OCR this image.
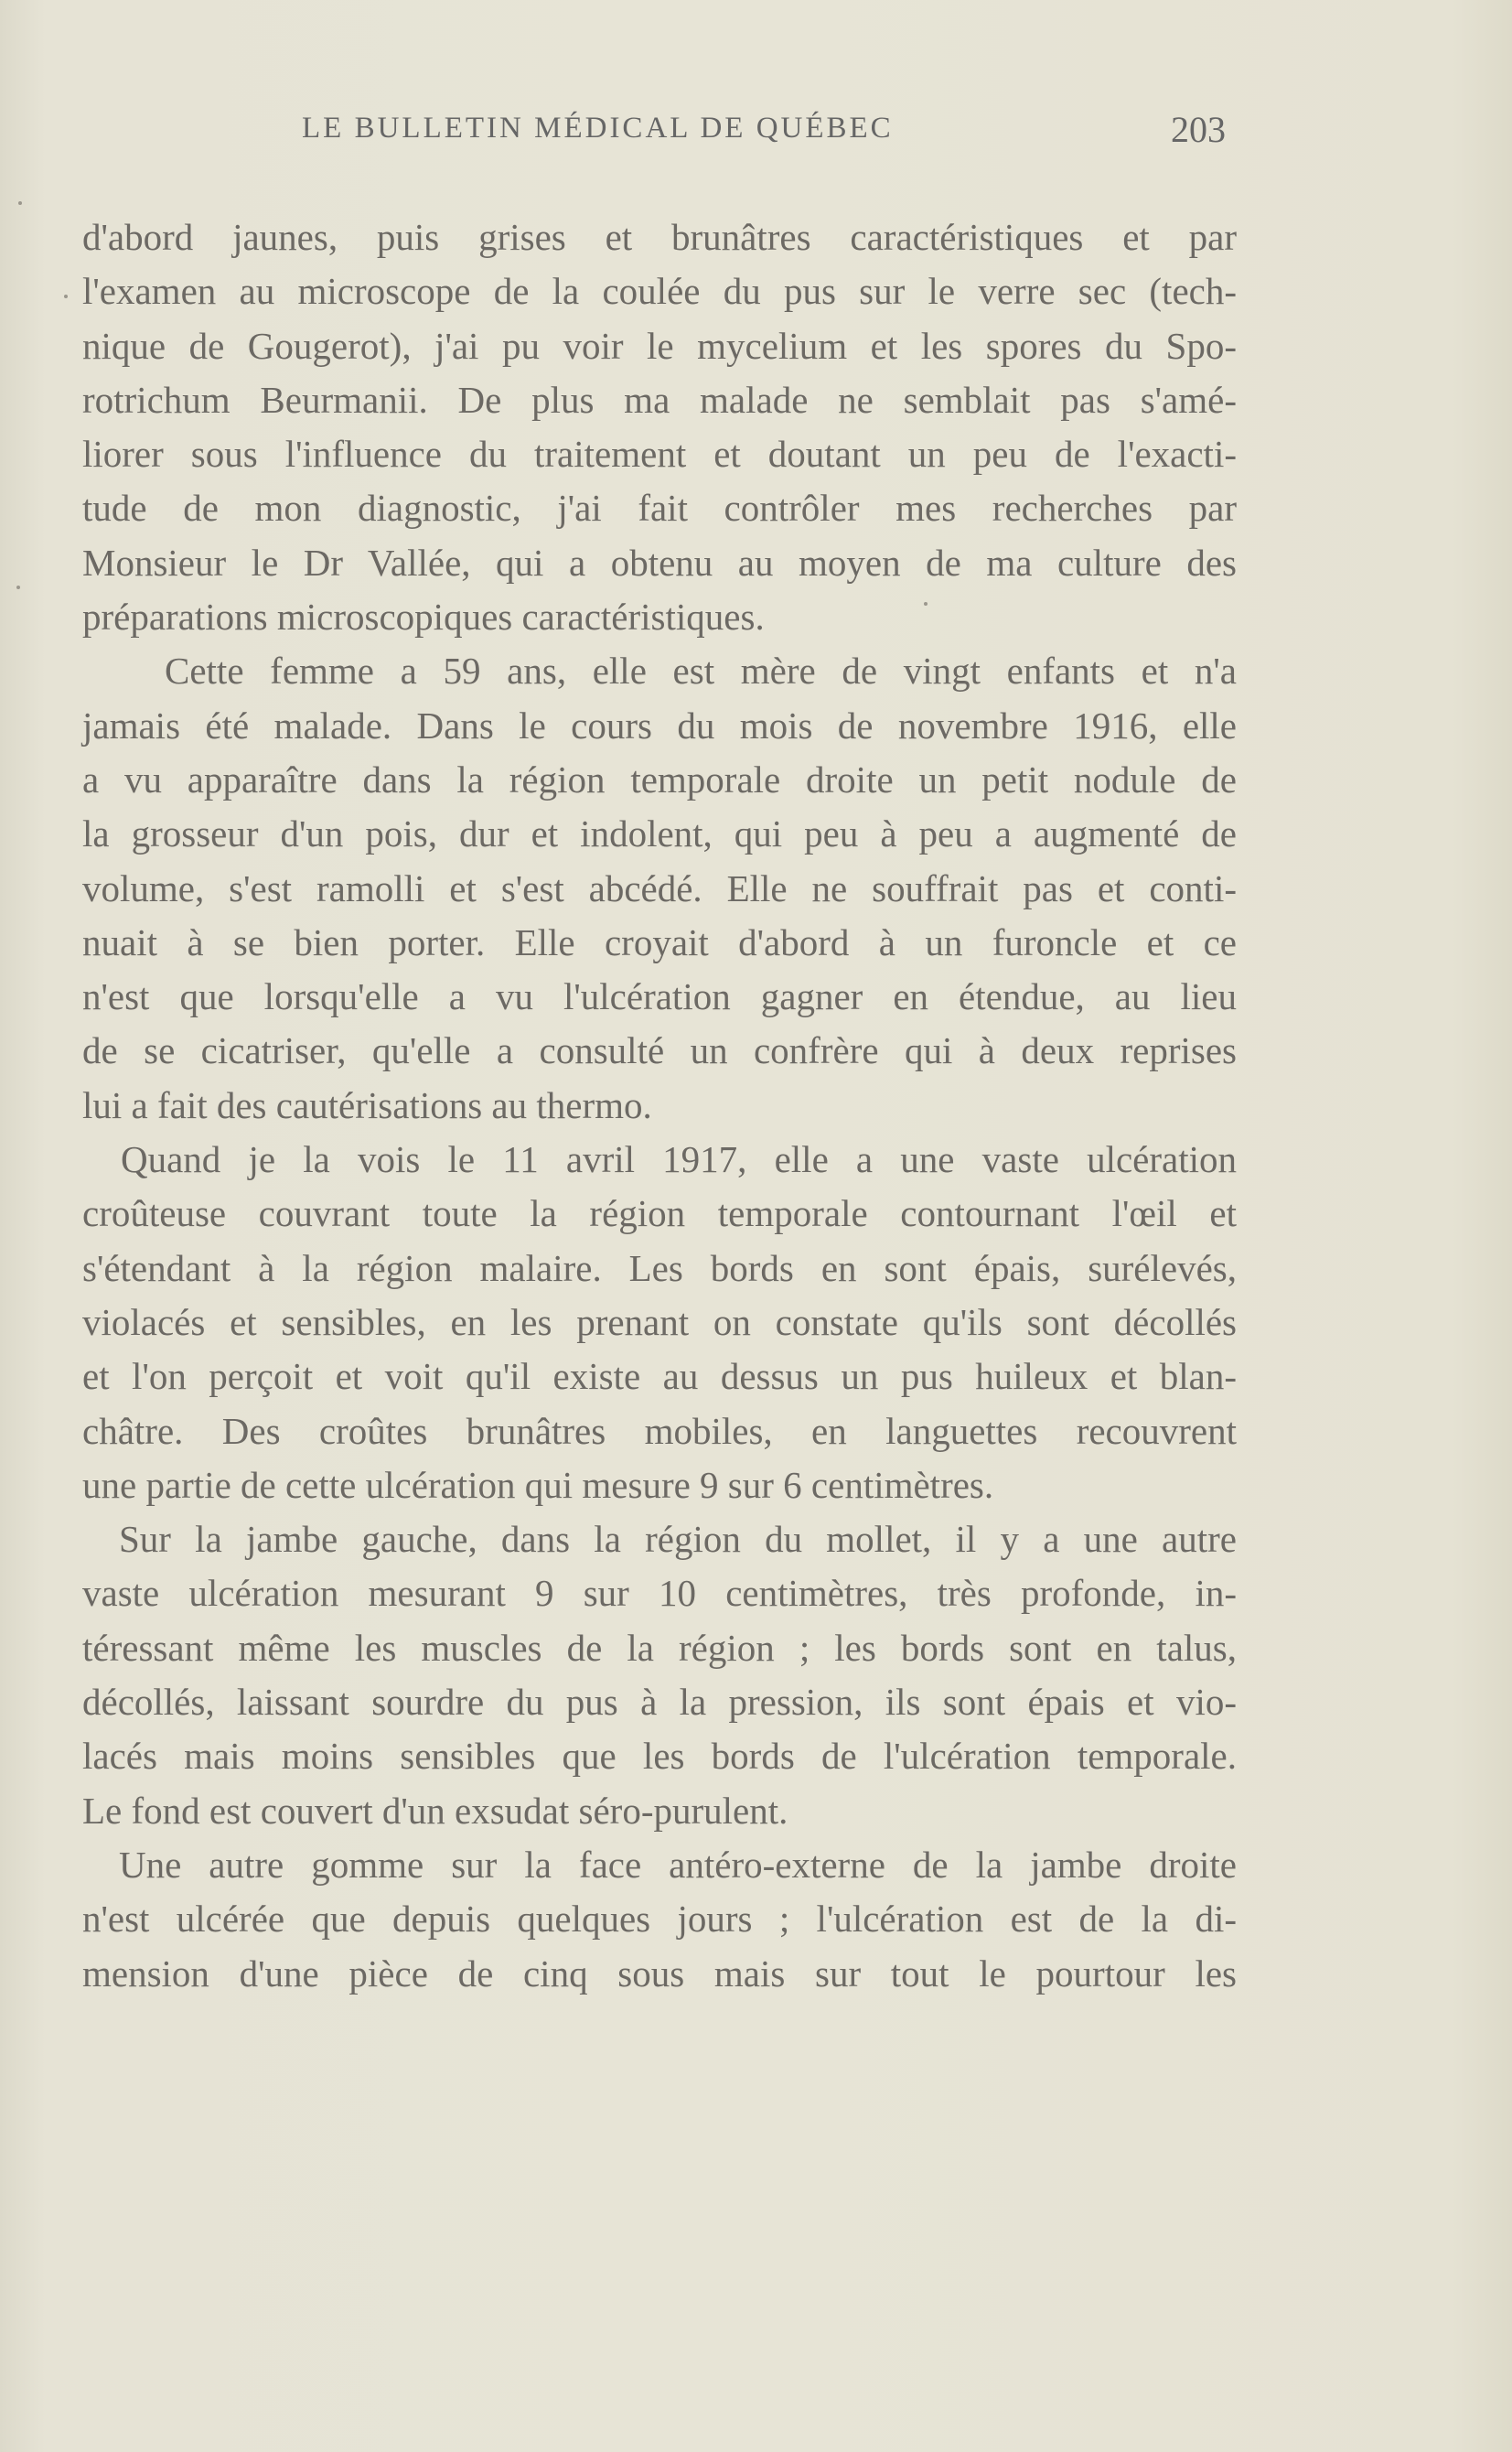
LE BULLETIN MÉDICAL DE QUÉBEC	203
d'abord jaunes, puis grises et brunâtres caractéristiques et par
l'examen au microscope de la coulée du pus sur le verre sec (tech-
nique de Gougerot), j'ai pu voir le mycelium et les spores du Spo-
rotrichum Beurmanii. De plus ma malade ne semblait pas s'amé-
liorer sous l'influence du traitement et doutant un peu de l'exacti-
tude de mon diagnostic, j'ai fait contrôler mes recherches par
Monsieur le Dr Vallée, qui a obtenu au moyen de ma culture des
préparations microscopiques caractéristiques.
Cette femme a 59 ans, elle est mère de vingt enfants et n'a
jamais été malade. Dans le cours du mois de novembre 1916, elle
a vu apparaître dans la région temporale droite un petit nodule de
la grosseur d'un pois, dur et indolent, qui peu à peu a augmenté de
volume, s'est ramolli et s'est abcédé. Elle ne souffrait pas et conti-
nuait à se bien porter. Elle croyait d'abord à un furoncle et ce
n'est que lorsqu'elle a vu l'ulcération gagner en étendue, au lieu
de se cicatriser, qu'elle a consulté un confrère qui à deux reprises
lui a fait des cautérisations au thermo.
Quand je la vois le 11 avril 1917, elle a une vaste ulcération
croûteuse couvrant toute la région temporale contournant l'œil et
s'étendant à la région malaire. Les bords en sont épais, surélevés,
violacés et sensibles, en les prenant on constate qu'ils sont décollés
et l'on perçoit et voit qu'il existe au dessus un pus huileux et blan-
châtre. Des croûtes brunâtres mobiles, en languettes recouvrent
une partie de cette ulcération qui mesure 9 sur 6 centimètres.
Sur la jambe gauche, dans la région du mollet, il y a une autre
vaste ulcération mesurant 9 sur 10 centimètres, très profonde, in-
téressant même les muscles de la région ; les bords sont en talus,
décollés, laissant sourdre du pus à la pression, ils sont épais et vio-
lacés mais moins sensibles que les bords de l'ulcération temporale.
Le fond est couvert d'un exsudat séro-purulent.
Une autre gomme sur la face antéro-externe de la jambe droite
n'est ulcérée que depuis quelques jours ; l'ulcération est de la di-
mension d'une pièce de cinq sous mais sur tout le pourtour les
